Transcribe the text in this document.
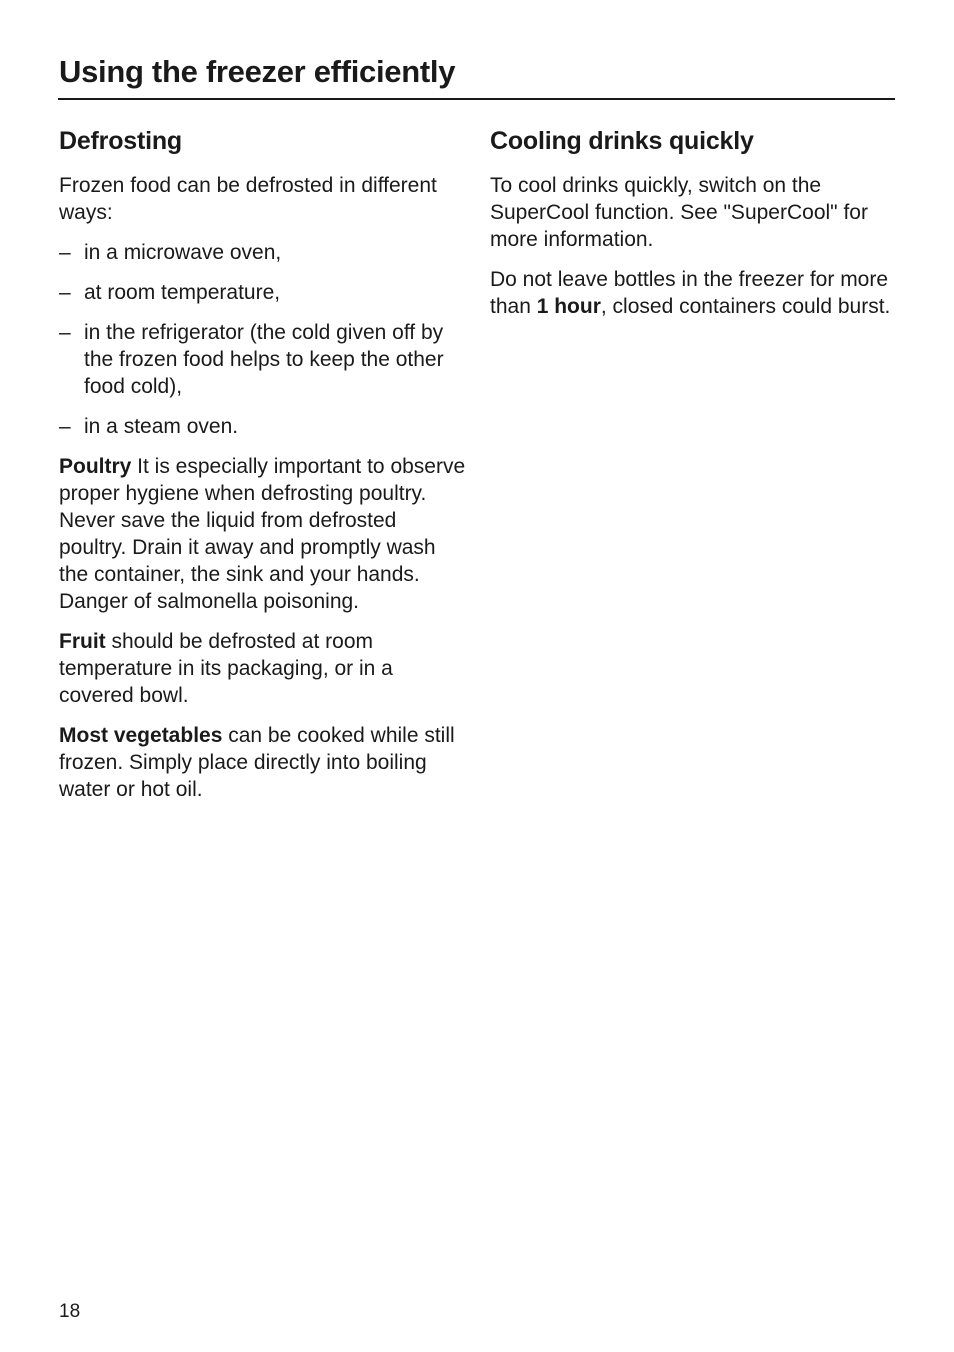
Using the freezer efficiently
Defrosting

Frozen food can be defrosted in different ways:

– in a microwave oven,
– at room temperature,
– in the refrigerator (the cold given off by the frozen food helps to keep the other food cold),
– in a steam oven.

Poultry It is especially important to observe proper hygiene when defrosting poultry. Never save the liquid from defrosted poultry. Drain it away and promptly wash the container, the sink and your hands. Danger of salmonella poisoning.

Fruit should be defrosted at room temperature in its packaging, or in a covered bowl.

Most vegetables can be cooked while still frozen. Simply place directly into boiling water or hot oil.

Cooling drinks quickly

To cool drinks quickly, switch on the SuperCool function. See "SuperCool" for more information.

Do not leave bottles in the freezer for more than 1 hour, closed containers could burst.

18
